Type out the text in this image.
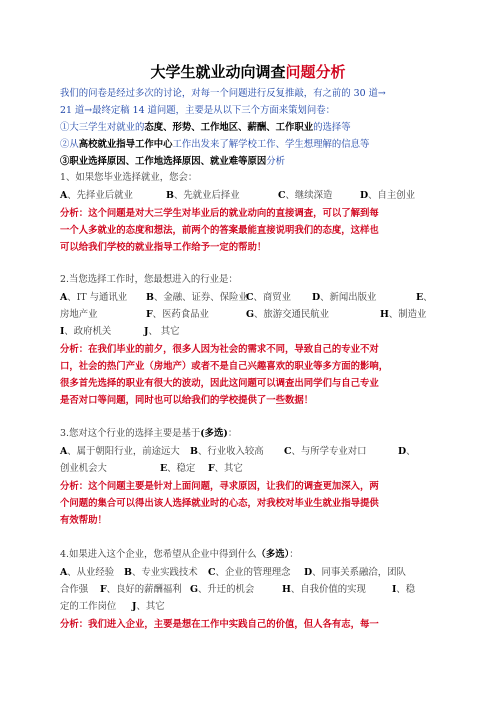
大学生就业动向调查问题分析
我们的问卷是经过多次的讨论，对每一个问题进行反复推敲，有之前的 30 道→
21 道→最终定稿 14 道问题，主要是从以下三个方面来策划问卷：
①大三学生对就业的态度、形势、工作地区、薪酬、工作职业的选择等
②从高校就业指导工作中心工作出发来了解学校工作、学生想理解的信息等
③职业选择原因、工作地选择原因、就业难等原因分析
1、如果您毕业选择就业，您会：
A、先择业后就业	B、先就业后择业	C、继续深造	D、自主创业
分析：这个问题是对大三学生对毕业后的就业动向的直接调查，可以了解到每
一个人多就业的态度和想法，前两个的答案最能直接说明我们的态度，这样也
可以给我们学校的就业指导工作给予一定的帮助！
2.当您选择工作时，您最想进入的行业是：
A、IT 与通讯业 B、金融、证券、保险业C、商贸业 D、新闻出版业	E、
房地产业	F、医药食品业	G、旅游交通民航业	H、制造业
I、政府机关	J、 其它
分析：在我们毕业的前夕，很多人因为社会的需求不同，导致自己的专业不对
口，社会的热门产业（房地产）或者不是自己兴趣喜欢的职业等多方面的影响，
很多首先选择的职业有很大的波动，因此这问题可以调查出同学们与自己专业
是否对口等问题，同时也可以给我们的学校提供了一些数据！
3.您对这个行业的选择主要是基于(多选)：
A、属于朝阳行业，前途远大 B、行业收入较高 C、与所学专业对口	D、
创业机会大	E、稳定 F、其它
分析：这个问题主要是针对上面问题，寻求原因，让我们的调查更加深入，两
个问题的集合可以得出该人选择就业时的心态，对我校对毕业生就业指导提供
有效帮助！
4.如果进入这个企业，您希望从企业中得到什么（多选）：
A、从业经验 B、专业实践技术 C、企业的管理理念 D、同事关系融洽，团队
合作强 F、良好的薪酬福利 G、升迁的机会	H、自我价值的实现	I、稳
定的工作岗位 J、其它
分析：我们进入企业，主要是想在工作中实践自己的价值，但人各有志，每一
